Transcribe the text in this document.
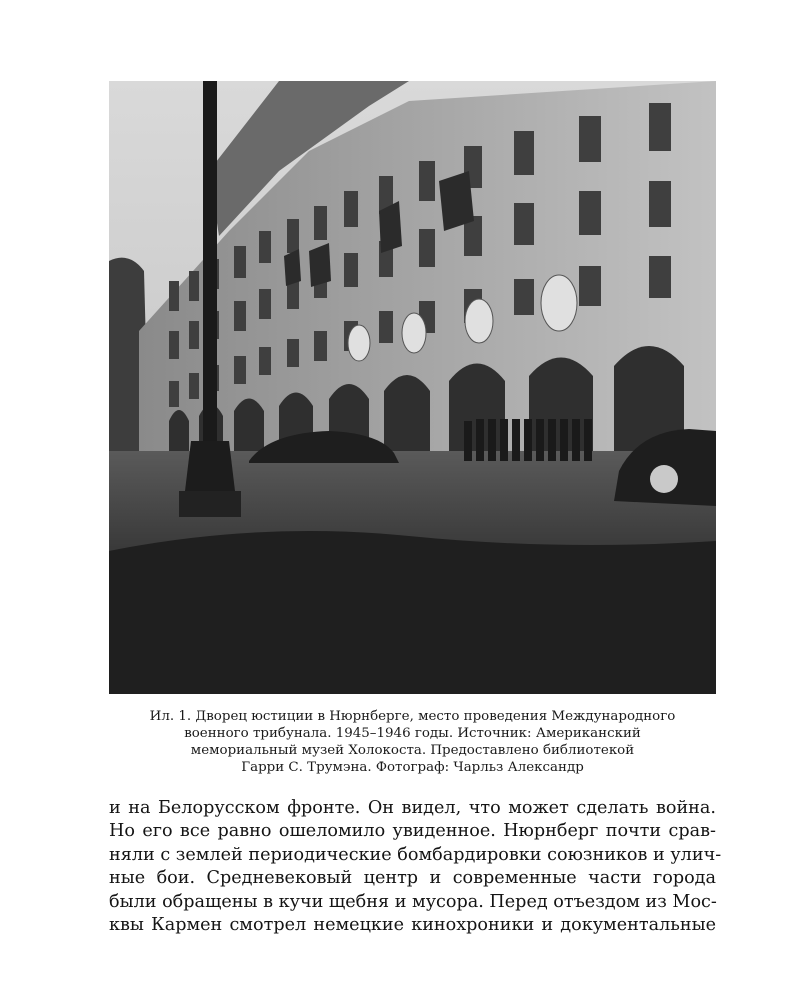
Ил. 1. Дворец юстиции в Нюрнберге, место проведения Международного
военного трибунала. 1945–1946 годы. Источник: Американский
мемориальный музей Холокоста. Предоставлено библиотекой
Гарри С. Трумэна. Фотограф: Чарльз Александр
и на Белорусском фронте. Он видел, что может сделать война.
Но его все равно ошеломило увиденное. Нюрнберг почти срав-
няли с землей периодические бомбардировки союзников и улич-
ные бои. Средневековый центр и современные части города
были обращены в кучи щебня и мусора. Перед отъездом из Мос-
квы Кармен смотрел немецкие кинохроники и документальные
